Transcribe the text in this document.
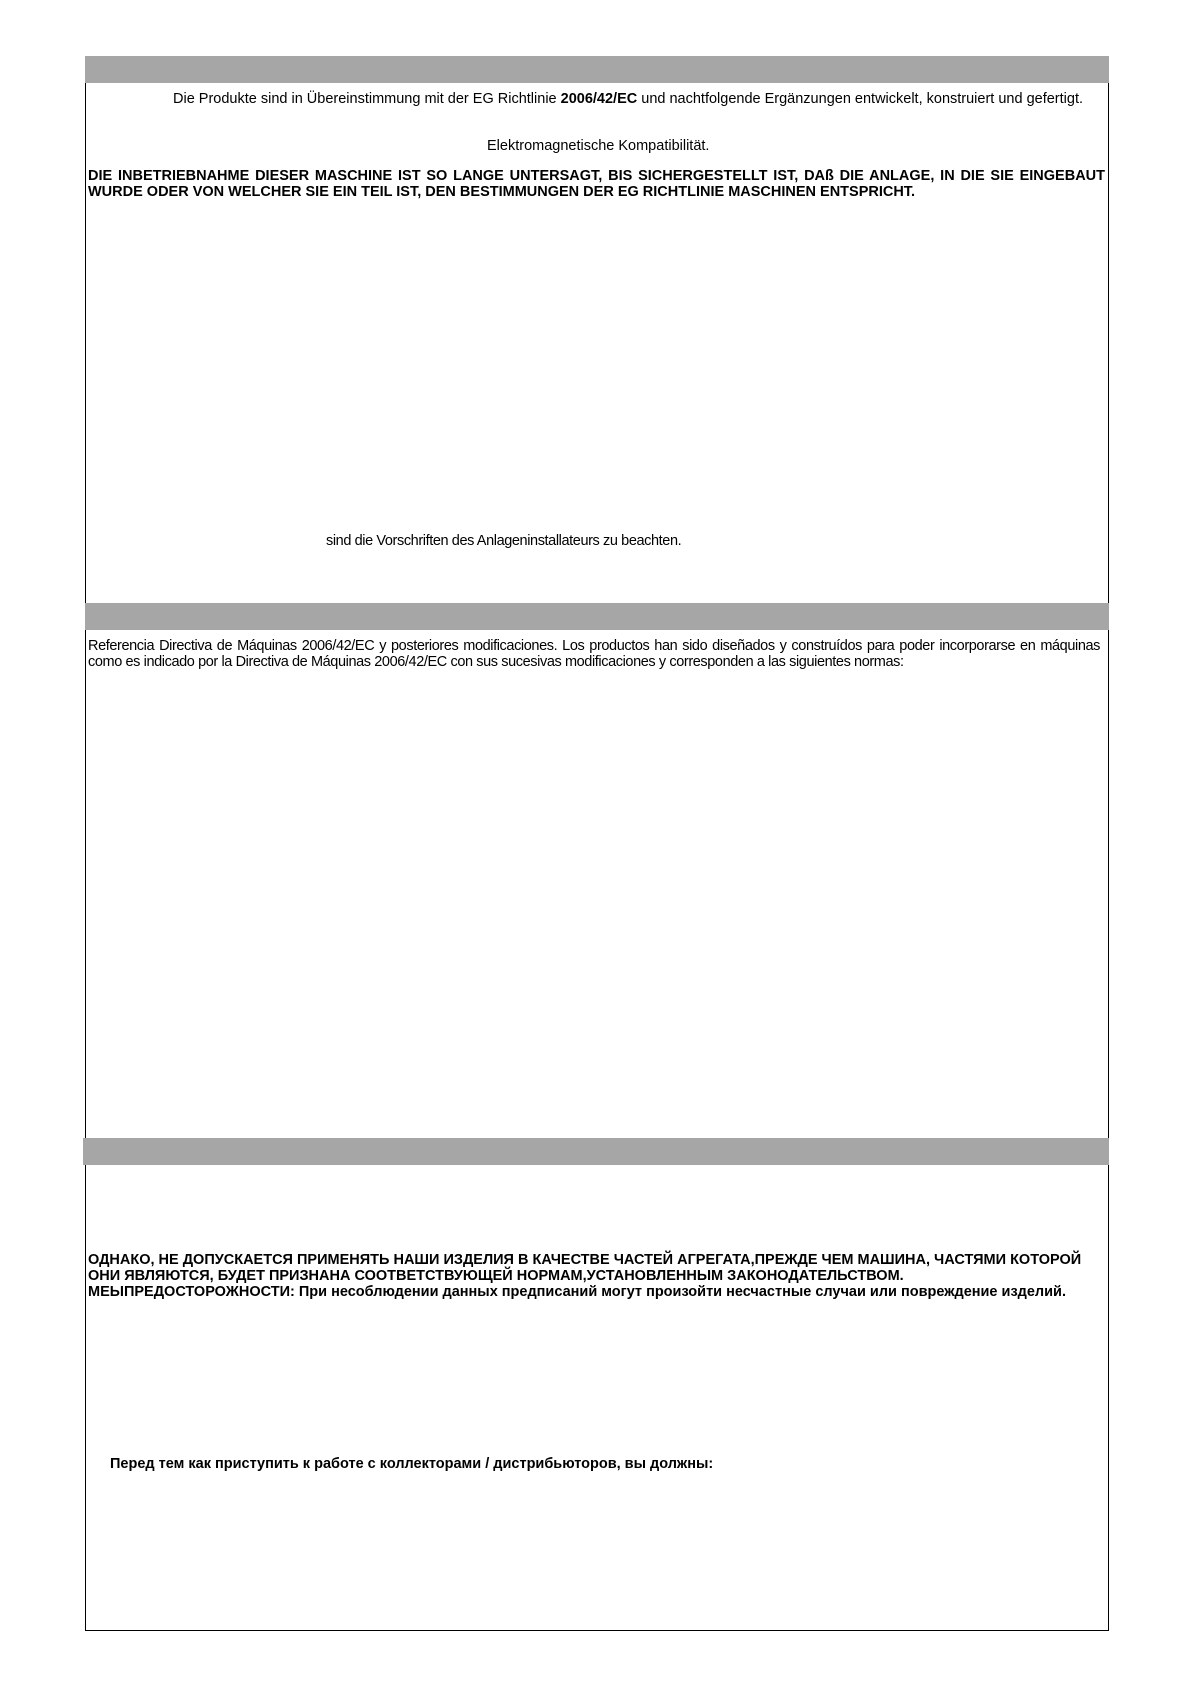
Die Produkte sind in Übereinstimmung mit der EG Richtlinie 2006/42/EC und nachtfolgende Ergänzungen entwickelt, konstruiert und gefertigt.
Elektromagnetische Kompatibilität.
DIE INBETRIEBNAHME DIESER MASCHINE IST SO LANGE UNTERSAGT, BIS SICHERGESTELLT IST, DAß DIE ANLAGE, IN DIE SIE EINGEBAUT WURDE ODER VON WELCHER SIE EIN TEIL IST, DEN BESTIMMUNGEN DER EG RICHTLINIE MASCHINEN ENTSPRICHT.
sind die Vorschriften des Anlageninstallateurs zu beachten.
Referencia Directiva de Máquinas 2006/42/EC y posteriores modificaciones. Los productos han sido diseñados y construídos para poder incorporarse en máquinas como es indicado por la Directiva de Máquinas 2006/42/EC con sus sucesivas modificaciones y corresponden a las siguientes normas:
ОДНАКО, НЕ ДОПУСКАЕТСЯ ПРИМЕНЯТЬ НАШИ ИЗДЕЛИЯ В КАЧЕСТВЕ ЧАСТЕЙ АГРЕГАТА,ПРЕЖДЕ ЧЕМ МАШИНА, ЧАСТЯМИ КОТОРОЙ
ОНИ ЯВЛЯЮТСЯ, БУДЕТ ПРИЗНАНА СООТВЕТСТВУЮЩЕЙ НОРМАМ,УСТАНОВЛЕННЫМ ЗАКОНОДАТЕЛЬСТВОМ.
МЕЫПРЕДОСТОРОЖНОСТИ: При несоблюдении данных предписаний могут произойти несчастные случаи или повреждение изделий.
Перед тем как приступить к работе с коллекторами / дистрибьюторов, вы должны:
